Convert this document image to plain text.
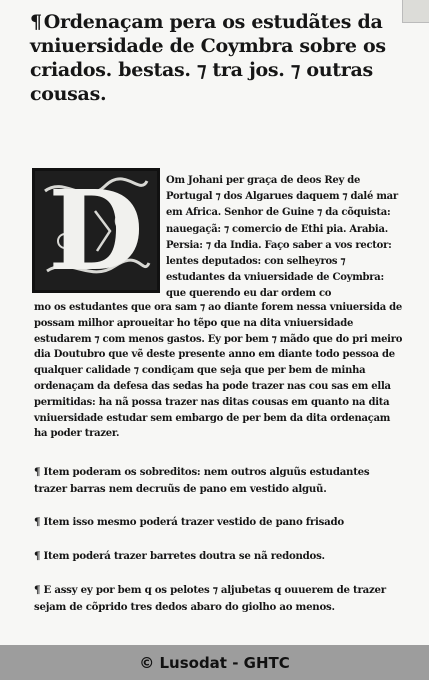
¶ Ordenaçam pera os estudãtes da vniuersidade de Coymbra sobre os criados. bestas. ⁊ tra jos. ⁊ outras cousas.
D	Om Johani per graça de deos Rey de Portugal ⁊ dos Algarues daquem ⁊ dalé mar em Africa. Senhor de Guine ⁊ da cõquista: nauegaçã: ⁊ comercio de Ethi pia. Arabia. Persia: ⁊ da India. Faço saber a vos rector: lentes deputados: con selheyros ⁊ estudantes da vniuersidade de Coymbra: que querendo eu dar ordem co

mo os estudantes que ora sam ⁊ ao diante forem nessa vniuersida de possam milhor aproueitar ho tẽpo que na dita vniuersidade estudarem ⁊ com menos gastos. Ey por bem ⁊ mãdo que do pri meiro dia Doutubro que vẽ deste presente anno em diante todo pessoa de qualquer calidade ⁊ condiçam que seja que per bem de minha ordenaçam da defesa das sedas ha pode trazer nas cou sas em ella permitidas: ha nã possa trazer nas ditas cousas em quanto na dita vniuersidade estudar sem embargo de per bem da dita ordenaçam ha poder trazer.

¶ Item poderam os sobreditos: nem outros alguũs estudantes trazer barras nem decruũs de pano em vestido alguũ.

¶ Item isso mesmo poderá trazer vestido de pano frisado

¶ Item poderá trazer barretes doutra se nã redondos.

¶ E assy ey por bem q os pelotes ⁊ aljubetas q ouuerem de trazer sejam de cõprido tres dedos abaro do giolho ao menos.

© Lusodat - GHTC
